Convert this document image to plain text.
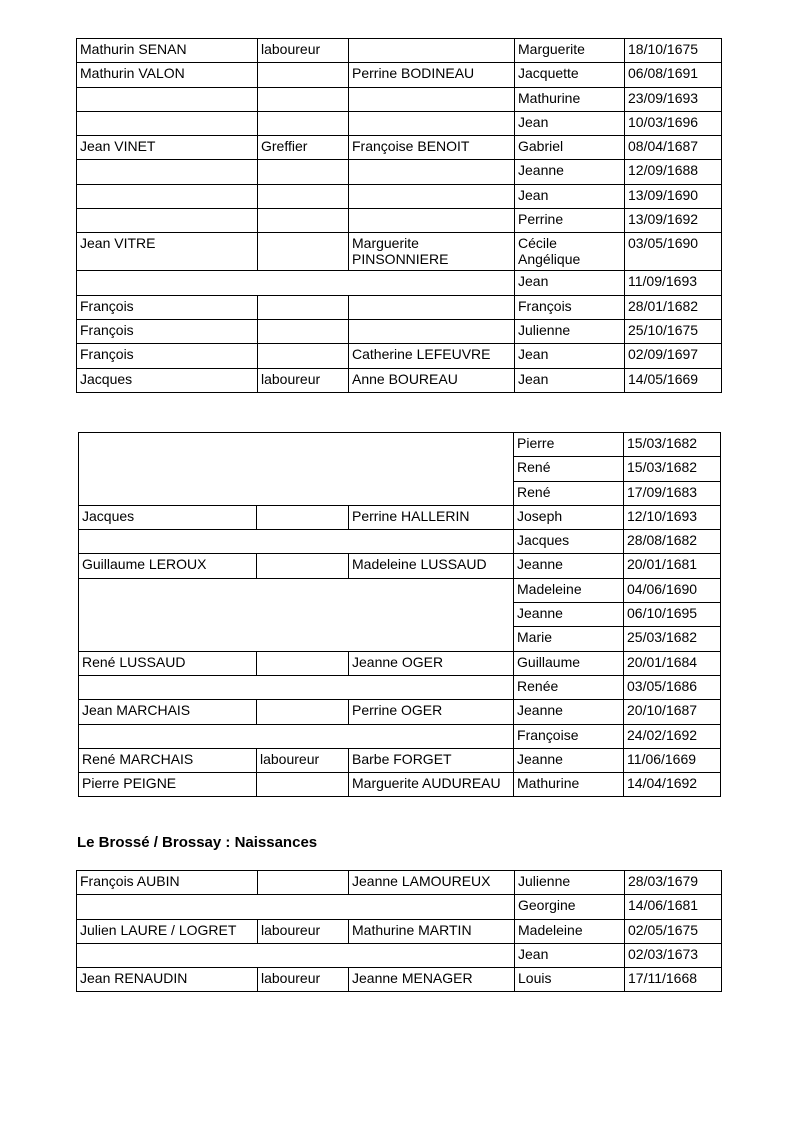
Mathurin SENAN	laboureur		Marguerite	18/10/1675
Mathurin VALON		Perrine BODINEAU	Jacquette	06/08/1691
			Mathurine	23/09/1693
			Jean	10/03/1696
Jean VINET	Greffier	Françoise BENOIT	Gabriel	08/04/1687
			Jeanne	12/09/1688
			Jean	13/09/1690
			Perrine	13/09/1692
Jean VITRE		Marguerite PINSONNIERE	Cécile Angélique	03/05/1690
			Jean	11/09/1693
François			François	28/01/1682
François			Julienne	25/10/1675
François		Catherine LEFEUVRE	Jean	02/09/1697
Jacques	laboureur	Anne BOUREAU	Jean	14/05/1669
			Pierre	15/03/1682
			René	15/03/1682
			René	17/09/1683
Jacques		Perrine HALLERIN	Joseph	12/10/1693
			Jacques	28/08/1682
Guillaume LEROUX		Madeleine LUSSAUD	Jeanne	20/01/1681
			Madeleine	04/06/1690
			Jeanne	06/10/1695
			Marie	25/03/1682
René LUSSAUD		Jeanne OGER	Guillaume	20/01/1684
			Renée	03/05/1686
Jean MARCHAIS		Perrine OGER	Jeanne	20/10/1687
			Françoise	24/02/1692
René MARCHAIS	laboureur	Barbe FORGET	Jeanne	11/06/1669
Pierre PEIGNE		Marguerite AUDUREAU	Mathurine	14/04/1692
Le Brossé / Brossay : Naissances
François AUBIN		Jeanne LAMOUREUX	Julienne	28/03/1679
			Georgine	14/06/1681
Julien LAURE / LOGRET	laboureur	Mathurine MARTIN	Madeleine	02/05/1675
			Jean	02/03/1673
Jean RENAUDIN	laboureur	Jeanne MENAGER	Louis	17/11/1668
